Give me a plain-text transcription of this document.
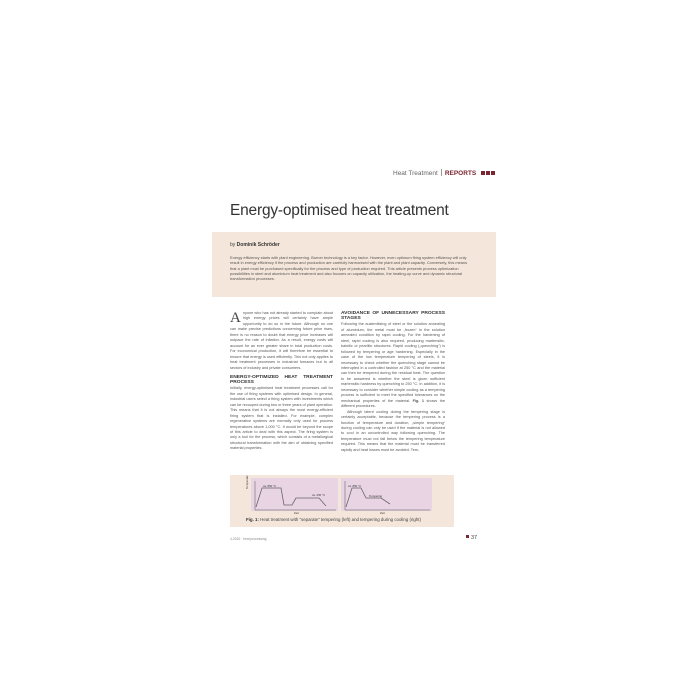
Heat Treatment REPORTS
Energy-optimised heat treatment
by Dominik Schröder
Energy efficiency starts with plant engineering. Burner technology is a key factor. However, even optimum firing system efficiency will only result in energy efficiency if the process and production are carefully harmonised with the plant and plant capacity. Conversely, this means that a plant must be purchased specifically for the process and type of production required. This article presents process optimization possibilities in steel and aluminium heat treatment and also focuses on capacity utilization, the heating-up curve and dynamic structural transformation processes.

Anyone who has not already started to complain about high energy prices will certainly have ample opportunity to do so in the future. Although no one can make precise predictions concerning future price rises, there is no reason to doubt that energy price increases will outpace the rate of inflation. As a result, energy costs will account for an ever greater share in total production costs. For economical production, it will therefore be essential to ensure that energy is used efficiently. This not only applies to heat treatment processes in industrial furnaces but to all sectors of industry and private consumers.

ENERGY-OPTIMIZED HEAT TREATMENT PROCESS

Initially, energy-optimised heat treatment processes call for the use of firing systems with optimised design. In general, industrial users select a firing system with investments which can be recouped during two or three years of plant operation. This means that it is not always the most energy-efficient firing system that is installed. For example, complex regenerative systems are normally only used for process temperatures above 1,000 °C. It would be beyond the scope of this article to deal with this aspect. The firing system is only a tool for the process, which consists of a metallurgical structural transformation with the aim of obtaining specified material properties.

AVOIDANCE OF UNNECESSARY PROCESS STAGES

Following the austenitizing of steel or the solution annealing of aluminium, the metal must be „frozen“ in the solution annealed condition by rapid cooling. For the hardening of steel, rapid cooling is also required, producing martensitic, bainitic or pearlitic structures. Rapid cooling („quenching“) is followed by tempering or age hardening. Especially in the case of the low temperature tempering of steels, it is necessary to check whether the quenching stage cannot be interrupted in a controlled fashion at 250 °C and the material can then be tempered during the residual heat. The question to be answered is whether the steel is given sufficient martensitic hardness by quenching to 250 °C. In addition, it is necessary to consider whether simple cooling as a tempering process is sufficient to meet the specified tolerances on the mechanical properties of the material. Fig. 1 shows the different procedures.

Although latent cooling during the tempering stage is certainly acceptable, because the tempering process is a function of temperature and duration, „simple tempering“ during cooling can only be used if the material is not allowed to cool in an uncontrolled way following quenching. The temperature must not fall below the tempering temperature required. This means that the material must be transferred rapidly and heat losses must be avoided. Tem-

Temperatur	ca. 850 °C
ca. 250 °C
Zeit
ca. 850 °C
Tempering
Zeit
Fig. 1: Heat treatment with "separate" tempering (left) and tempering during cooling (right)
4-2010 · heat processing	37
